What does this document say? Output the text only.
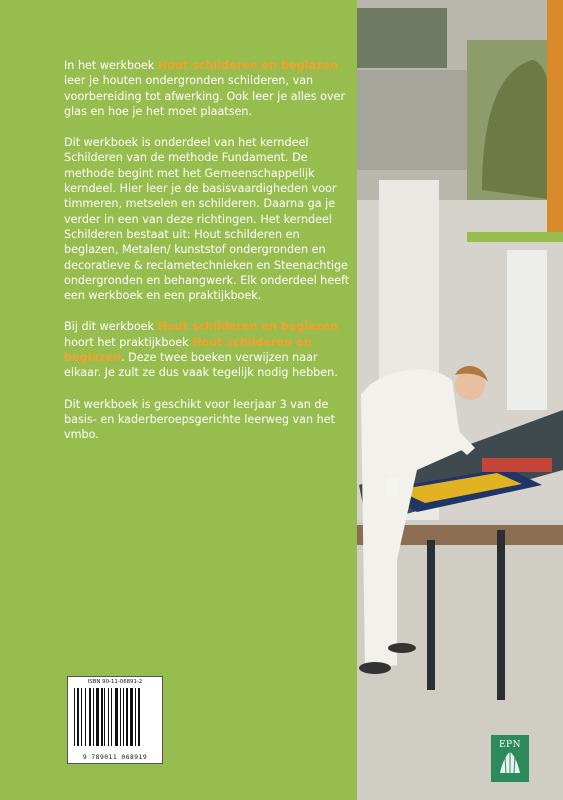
In het werkboek Hout schilderen en beglazen leer je houten ondergronden schilderen, van voorbereiding tot afwerking. Ook leer je alles over glas en hoe je het moet plaatsen.

Dit werkboek is onderdeel van het kerndeel Schilderen van de methode Fundament. De methode begint met het Gemeenschappelijk kerndeel. Hier leer je de basisvaardigheden voor timmeren, metselen en schilderen. Daarna ga je verder in een van deze richtingen. Het kerndeel Schilderen bestaat uit: Hout schilderen en beglazen, Metalen/ kunststof ondergronden en decoratieve & reclametechnieken en Steenachtige ondergronden en behangwerk. Elk onderdeel heeft een werkboek en een praktijkboek.

Bij dit werkboek Hout schilderen en beglazen hoort het praktijkboek Hout schilderen en beglazen. Deze twee boeken verwijzen naar elkaar. Je zult ze dus vaak tegelijk nodig hebben.

Dit werkboek is geschikt voor leerjaar 3 van de basis- en kaderberoepsgerichte leerweg van het vmbo.

ISBN 90-11-06891-2
9 789011 068919
EPN
